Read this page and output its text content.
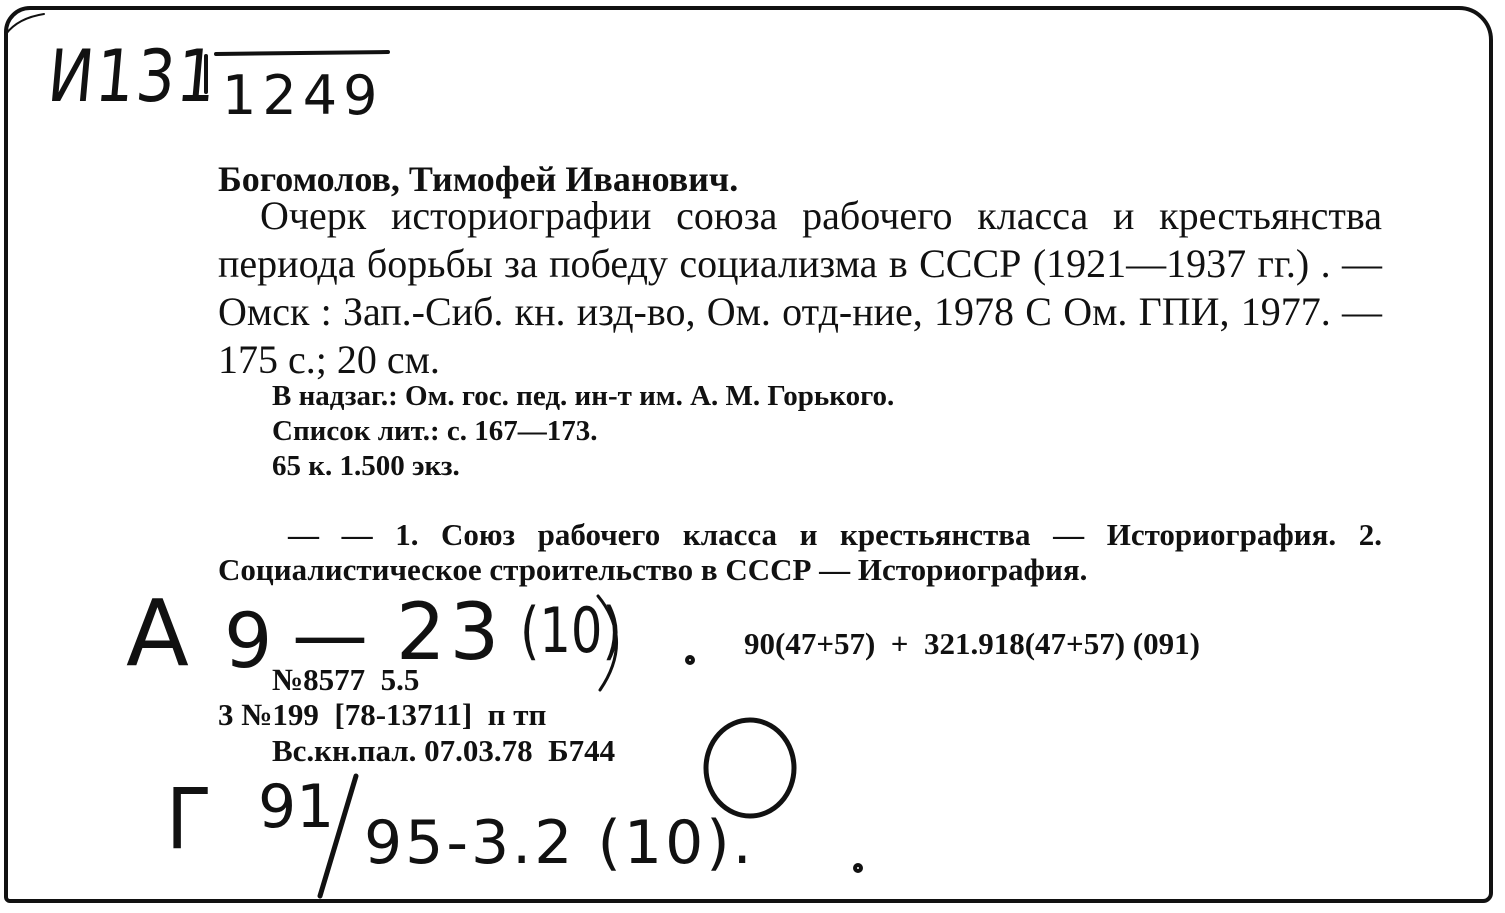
И131 1249
Богомолов, Тимофей Иванович.
Очерк историографии союза рабочего класса и крестьянства периода борьбы за победу социализма в СССР (1921—1937 гг.) . — Омск : Зап.-Сиб. кн. изд-во, Ом. отд-ние, 1978 С Ом. ГПИ, 1977. — 175 с.; 20 см.
В надзаг.: Ом. гос. пед. ин-т им. А. М. Горького.
Список лит.: с. 167—173.
65 к. 1.500 экз.
— — 1. Союз рабочего класса и крестьянства — Историография. 2. Социалистическое строительство в СССР — Историография.
А 9 — 23 (10)	90(47+57)  +  321.918(47+57) (091)
№8577  5.5
3 №199  [78-13711]  п тп
Вс.кн.пал. 07.03.78  Б744
Г 91
95-3.2 (10).
